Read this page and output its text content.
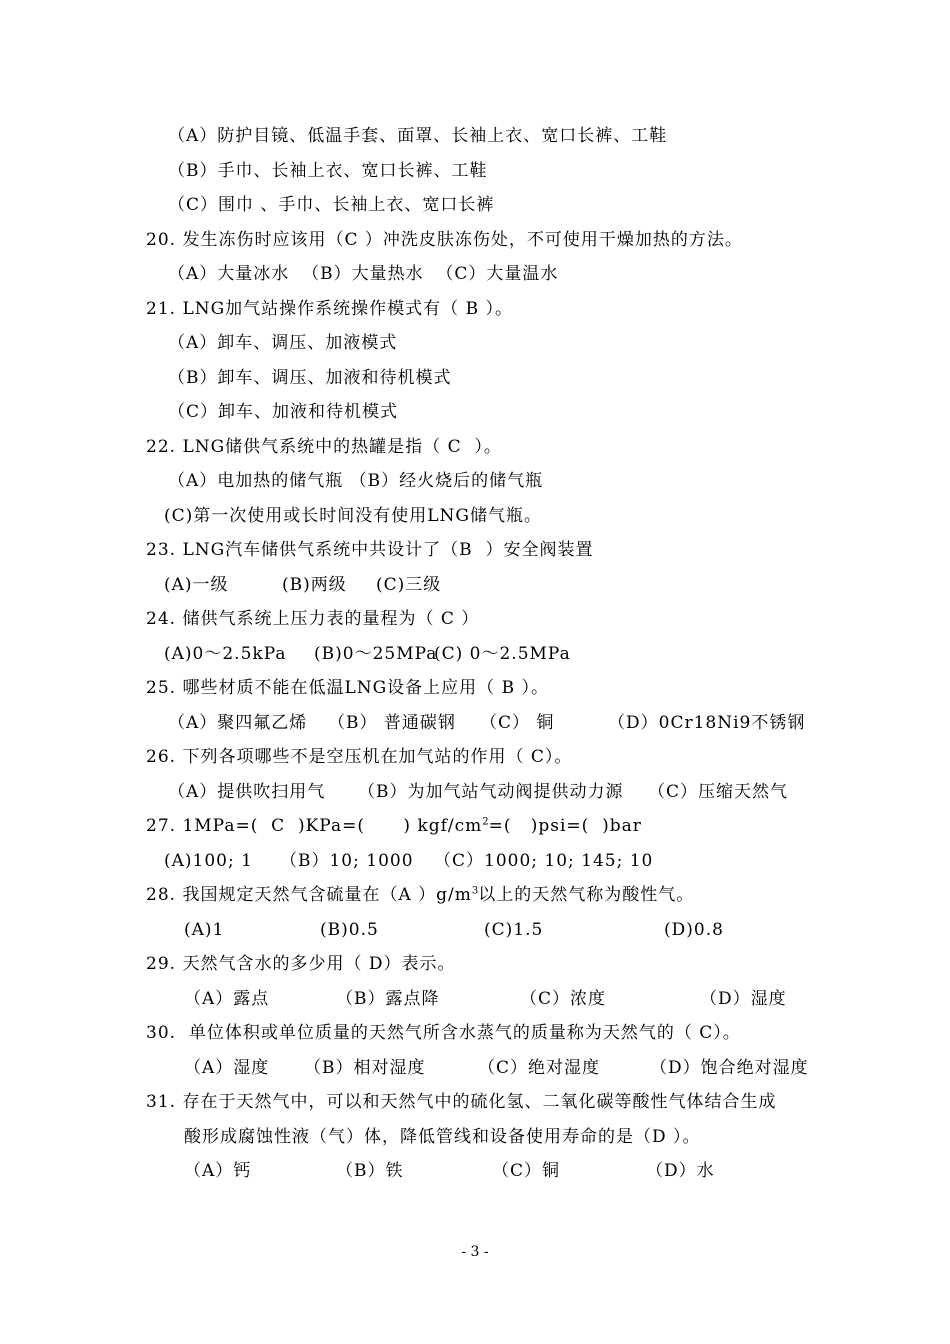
（A）防护目镜、低温手套、面罩、长袖上衣、宽口长裤、工鞋
（B）手巾、长袖上衣、宽口长裤、工鞋
（C）围巾 、手巾、长袖上衣、宽口长裤
20. 发生冻伤时应该用（C ）冲洗皮肤冻伤处，不可使用干燥加热的方法。
（A）大量冰水  （B）大量热水  （C）大量温水
21. LNG加气站操作系统操作模式有（ B ）。
（A）卸车、调压、加液模式
（B）卸车、调压、加液和待机模式
（C）卸车、加液和待机模式
22. LNG储供气系统中的热罐是指（ C  ）。
（A）电加热的储气瓶 （B）经火烧后的储气瓶
(C)第一次使用或长时间没有使用LNG储气瓶。
23. LNG汽车储供气系统中共设计了（B  ）安全阀装置

(A)一级

	(B)两级

(C)三级

24. 储供气系统上压力表的量程为（ C ）

(A)0～2.5kPa

(B)0～25MPa

(C) 0～2.5MPa

25. 哪些材质不能在低温LNG设备上应用（ B ）。

（A）聚四氟乙烯

（B） 普通碳钢

（C） 铜

	（D）0Cr18Ni9不锈钢

26. 下列各项哪些不是空压机在加气站的作用（ C）。

（A）提供吹扫用气

（B）为加气站气动阀提供动力源

（C）压缩天然气

27. 1MPa=(  C  )KPa=(      ) kgf/$cm^2=$(   )psi=(  )bar

(A)100; 1

（B）10; 1000

（C）1000; 10; 145; 10

28. 我国规定天然气含硫量在（A ）$g/m^3$以上的天然气称为酸性气。

(A)1

	(B)0.5

	(C)1.5

	(D)0.8

29. 天然气含水的多少用（ D）表示。

（A）露点

	（B）露点降

	（C）浓度

	（D）湿度

30.  单位体积或单位质量的天然气所含水蒸气的质量称为天然气的（ C）。

（A）湿度

（B）相对湿度

	（C）绝对湿度

	（D）饱合绝对湿度

31. 存在于天然气中，可以和天然气中的硫化氢、二氧化碳等酸性气体结合生成
酸形成腐蚀性液（气）体，降低管线和设备使用寿命的是（D ）。

（A）钙

	（B）铁

	（C）铜

	（D）水

- 3 -
